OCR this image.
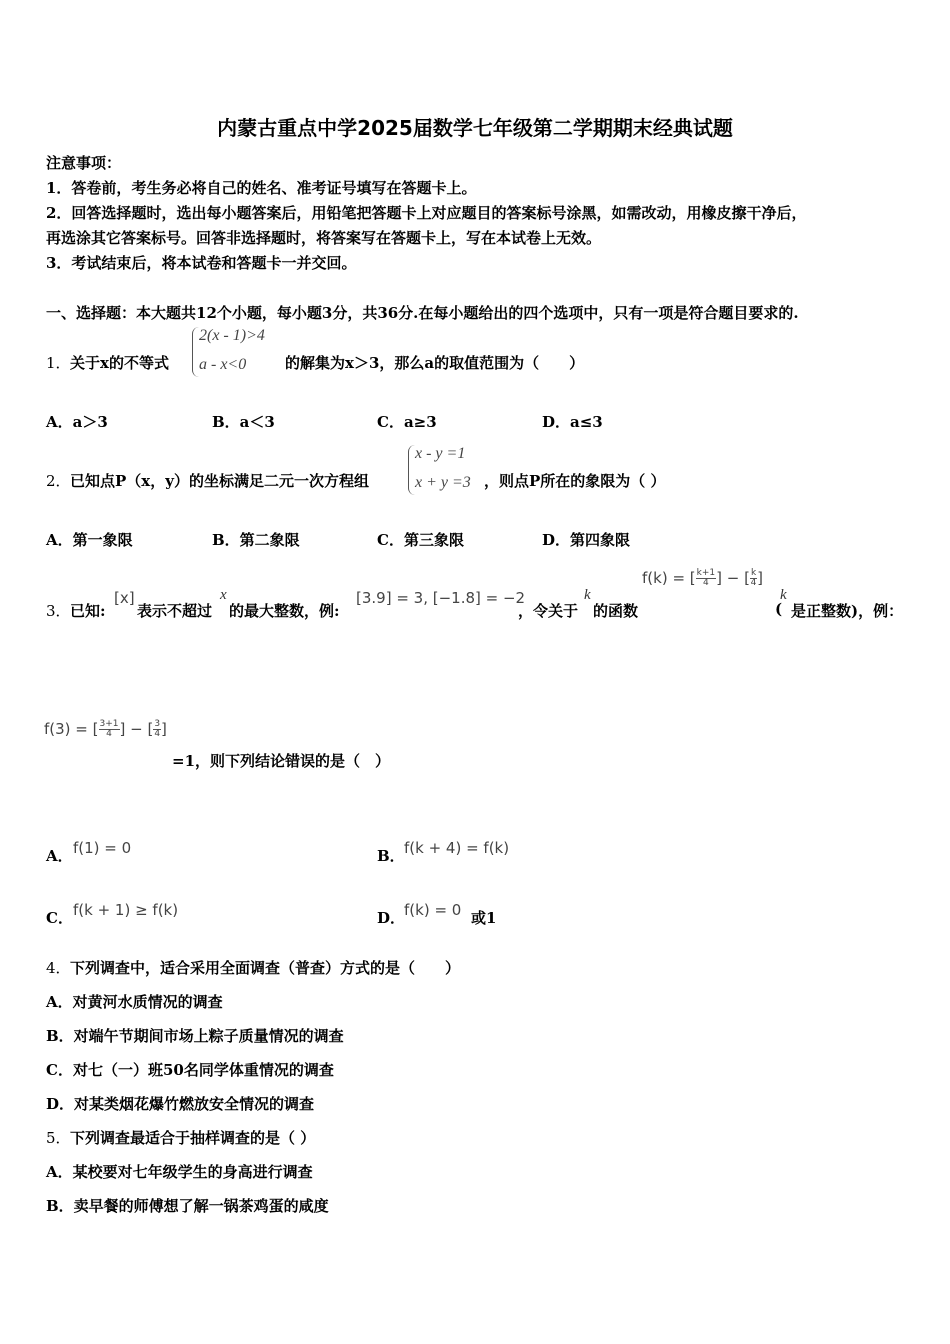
内蒙古重点中学2025届数学七年级第二学期期末经典试题
注意事项：
1．答卷前，考生务必将自己的姓名、准考证号填写在答题卡上。
2．回答选择题时，选出每小题答案后，用铅笔把答题卡上对应题目的答案标号涂黑，如需改动，用橡皮擦干净后，
再选涂其它答案标号。回答非选择题时，将答案写在答题卡上，写在本试卷上无效。
3．考试结束后，将本试卷和答题卡一并交回。
一、选择题：本大题共12个小题，每小题3分，共36分.在每小题给出的四个选项中，只有一项是符合题目要求的.
1． 关于x的不等式
2(x - 1)>4
a - x<0	的解集为x＞3，那么a的取值范围为（　　）
A．a＞3	B．a＜3	C．a≥3	D．a≤3
2． 已知点P（x，y）的坐标满足二元一次方程组
x - y =1
x + y =3 ，则点P所在的象限为（ ）
A．第一象限	B．第二象限	C．第三象限	D．第四象限
3． 已知:
[x]
表示不超过
x
的最大整数，例:
[3.9] = 3, [−1.8] = −2
，令关于
k
的函数
f(k) = [ $\frac{k+1}{4}$ ] − [ $\frac{k}{4}$ ]
k
( 是正整数)，例：
f(3) = [ $\frac{3+1}{4}$ ] − [ $\frac{3}{4}$ ]
=1，则下列结论错误的是（　）
A． f(1) = 0	B． f(k + 4) = f(k)
C． f(k + 1) ≥ f(k)	D．
f(k) = 0 或1
4． 下列调查中，适合采用全面调查（普查）方式的是（　　）
A．对黄河水质情况的调查
B．对端午节期间市场上粽子质量情况的调查
C．对七（一）班50名同学体重情况的调查
D．对某类烟花爆竹燃放安全情况的调查
5． 下列调查最适合于抽样调查的是（ ）
A．某校要对七年级学生的身高进行调查
B．卖早餐的师傅想了解一锅茶鸡蛋的咸度
